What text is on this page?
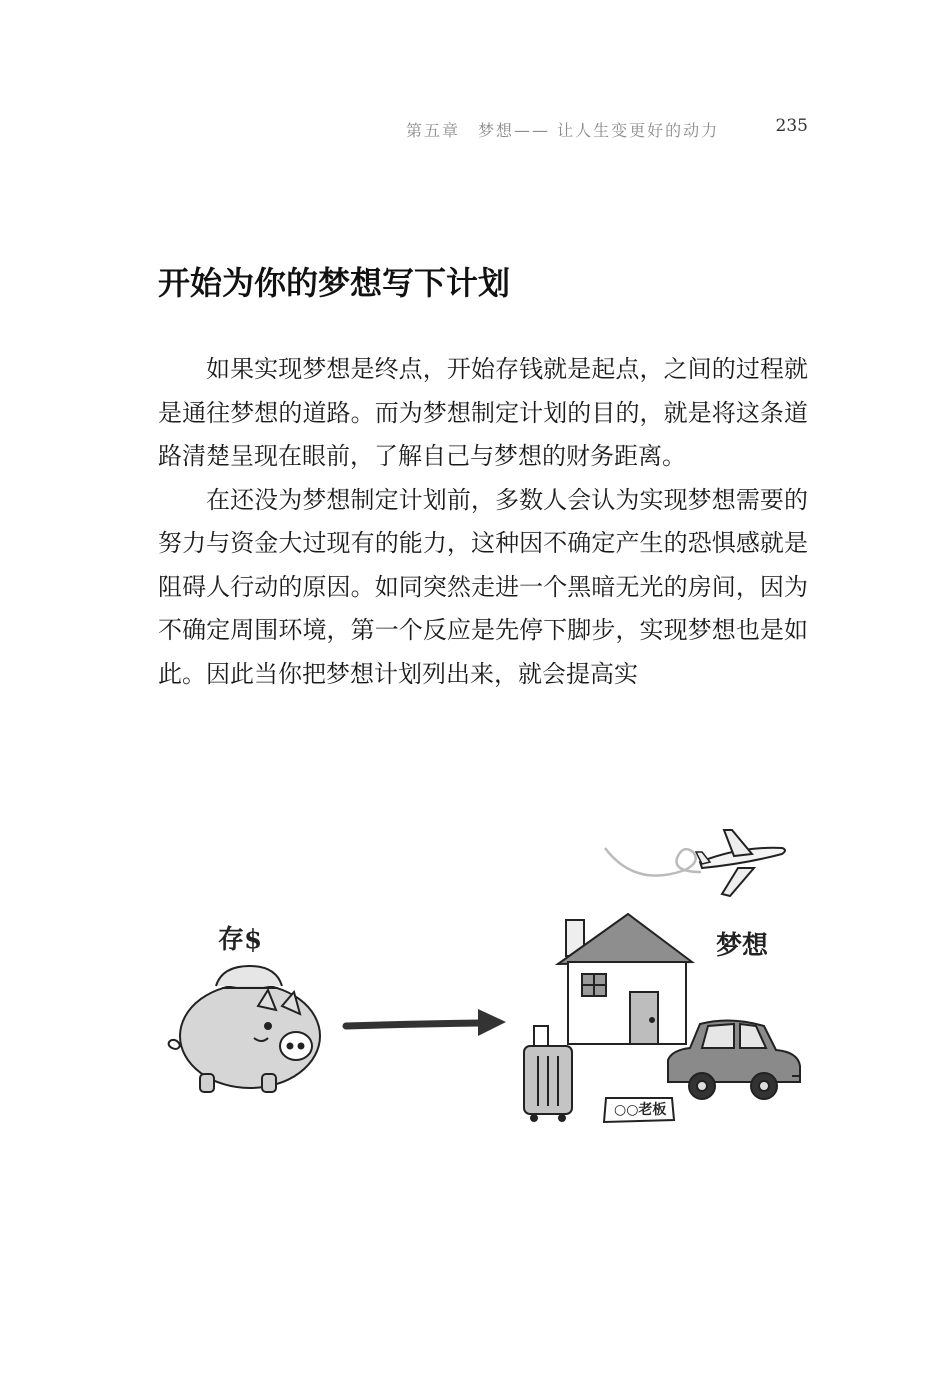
第五章　梦想—— 让人生变更好的动力	235
开始为你的梦想写下计划

如果实现梦想是终点，开始存钱就是起点，之间的过程就是通往梦想的道路。而为梦想制定计划的目的，就是将这条道路清楚呈现在眼前，了解自己与梦想的财务距离。

在还没为梦想制定计划前，多数人会认为实现梦想需要的努力与资金大过现有的能力，这种因不确定产生的恐惧感就是阻碍人行动的原因。如同突然走进一个黑暗无光的房间，因为不确定周围环境，第一个反应是先停下脚步，实现梦想也是如此。因此当你把梦想计划列出来，就会提高实

存$	梦想
○○老板
